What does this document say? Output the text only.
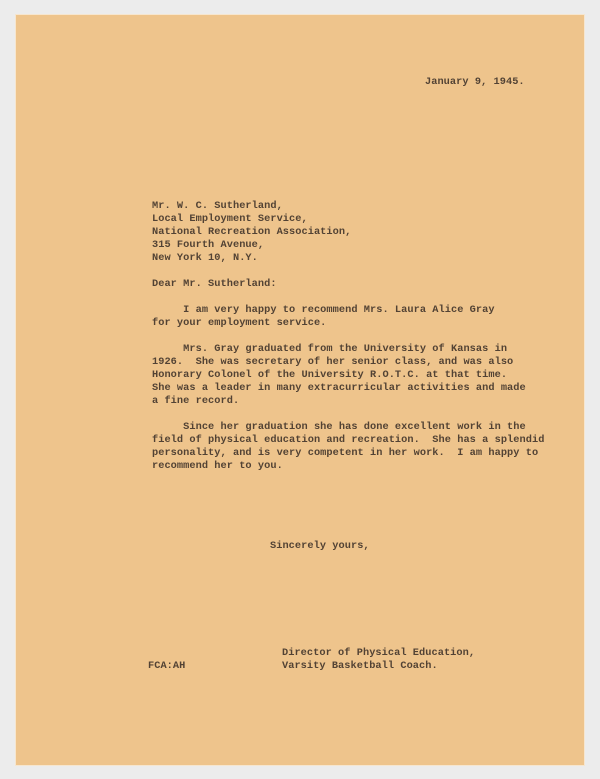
January 9, 1945.
Mr. W. C. Sutherland,
Local Employment Service,
National Recreation Association,
315 Fourth Avenue,
New York 10, N.Y.
Dear Mr. Sutherland:
I am very happy to recommend Mrs. Laura Alice Gray
for your employment service.
Mrs. Gray graduated from the University of Kansas in
1926.  She was secretary of her senior class, and was also
Honorary Colonel of the University R.O.T.C. at that time.
She was a leader in many extracurricular activities and made
a fine record.
Since her graduation she has done excellent work in the
field of physical education and recreation.  She has a splendid
personality, and is very competent in her work.  I am happy to
recommend her to you.
Sincerely yours,
Director of Physical Education,
Varsity Basketball Coach.
FCA:AH
